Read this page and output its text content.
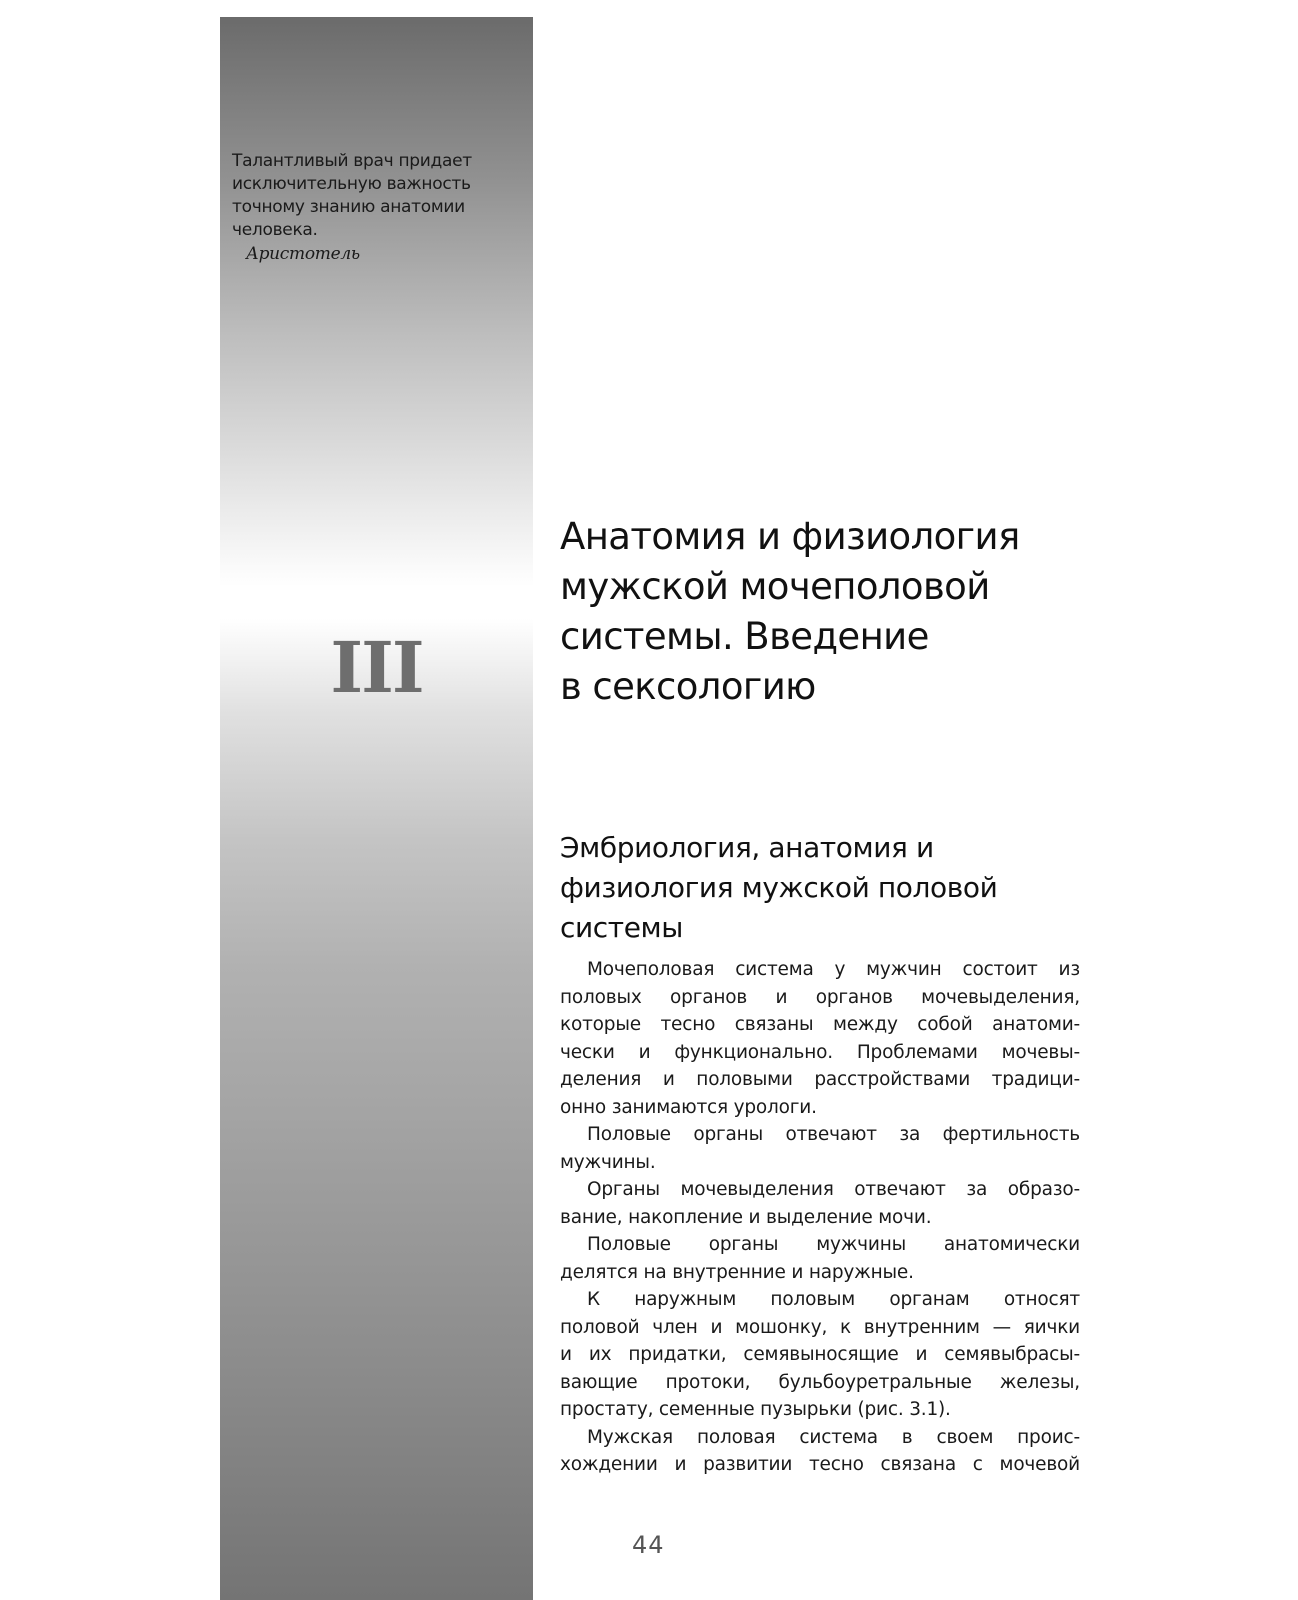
Талантливый врач придает
исключительную важность
точному знанию анатомии
человека.
Аристотель
III
Анатомия и физиология
мужской мочеполовой
системы. Введение
в сексологию
Эмбриология, анатомия и
физиология мужской половой
системы
Мочеполовая система у мужчин состоит из
половых органов и органов мочевыделения,
которые тесно связаны между собой анатоми-
чески и функционально. Проблемами мочевы-
деления и половыми расстройствами традици-
онно занимаются урологи.
Половые органы отвечают за фертильность
мужчины.
Органы мочевыделения отвечают за образо-
вание, накопление и выделение мочи.
Половые органы мужчины анатомически
делятся на внутренние и наружные.
К наружным половым органам относят
половой член и мошонку, к внутренним — яички
и их придатки, семявыносящие и семявыбрасы-
вающие протоки, бульбоуретральные железы,
простату, семенные пузырьки (рис. 3.1).
Мужская половая система в своем проис-
хождении и развитии тесно связана с мочевой
44
